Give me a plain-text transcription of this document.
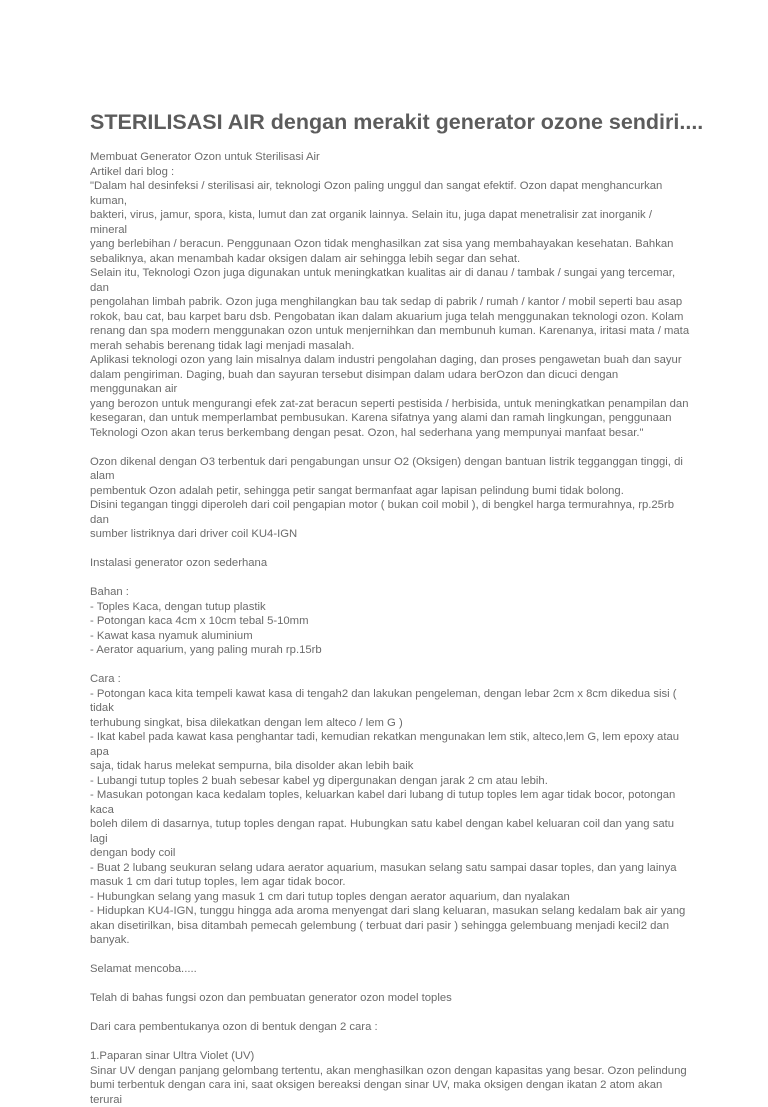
STERILISASI AIR dengan merakit generator ozone sendiri....

Membuat Generator Ozon untuk Sterilisasi Air
Artikel dari blog :
"Dalam hal desinfeksi / sterilisasi air, teknologi Ozon paling unggul dan sangat efektif. Ozon dapat menghancurkan kuman,
bakteri, virus, jamur, spora, kista, lumut dan zat organik lainnya. Selain itu, juga dapat menetralisir zat inorganik / mineral
yang berlebihan / beracun. Penggunaan Ozon tidak menghasilkan zat sisa yang membahayakan kesehatan. Bahkan
sebaliknya, akan menambah kadar oksigen dalam air sehingga lebih segar dan sehat.
Selain itu, Teknologi Ozon juga digunakan untuk meningkatkan kualitas air di danau / tambak / sungai yang tercemar, dan
pengolahan limbah pabrik. Ozon juga menghilangkan bau tak sedap di pabrik / rumah / kantor / mobil seperti bau asap
rokok, bau cat, bau karpet baru dsb. Pengobatan ikan dalam akuarium juga telah menggunakan teknologi ozon. Kolam
renang dan spa modern menggunakan ozon untuk menjernihkan dan membunuh kuman. Karenanya, iritasi mata / mata
merah sehabis berenang tidak lagi menjadi masalah.
Aplikasi teknologi ozon yang lain misalnya dalam industri pengolahan daging, dan proses pengawetan buah dan sayur
dalam pengiriman. Daging, buah dan sayuran tersebut disimpan dalam udara berOzon dan dicuci dengan menggunakan air
yang berozon untuk mengurangi efek zat-zat beracun seperti pestisida / herbisida, untuk meningkatkan penampilan dan
kesegaran, dan untuk memperlambat pembusukan. Karena sifatnya yang alami dan ramah lingkungan, penggunaan
Teknologi Ozon akan terus berkembang dengan pesat. Ozon, hal sederhana yang mempunyai manfaat besar."

Ozon dikenal dengan O3 terbentuk dari pengabungan unsur O2 (Oksigen) dengan bantuan listrik tegganggan tinggi, di alam
pembentuk Ozon adalah petir, sehingga petir sangat bermanfaat agar lapisan pelindung bumi tidak bolong.
Disini tegangan tinggi diperoleh dari coil pengapian motor ( bukan coil mobil ), di bengkel harga termurahnya, rp.25rb dan
sumber listriknya dari driver coil KU4-IGN

Instalasi generator ozon sederhana

Bahan :
- Toples Kaca, dengan tutup plastik
- Potongan kaca 4cm x 10cm tebal 5-10mm
- Kawat kasa nyamuk aluminium
- Aerator aquarium, yang paling murah rp.15rb

Cara :
- Potongan kaca kita tempeli kawat kasa di tengah2 dan lakukan pengeleman, dengan lebar 2cm x 8cm dikedua sisi ( tidak
terhubung singkat, bisa dilekatkan dengan lem alteco / lem G )
- Ikat kabel pada kawat kasa penghantar tadi, kemudian rekatkan mengunakan lem stik, alteco,lem G, lem epoxy atau apa
saja, tidak harus melekat sempurna, bila disolder akan lebih baik
- Lubangi tutup toples 2 buah sebesar kabel yg dipergunakan dengan jarak 2 cm atau lebih.
- Masukan potongan kaca kedalam toples, keluarkan kabel dari lubang di tutup toples lem agar tidak bocor, potongan kaca
boleh dilem di dasarnya, tutup toples dengan rapat. Hubungkan satu kabel dengan kabel keluaran coil dan yang satu lagi
dengan body coil
- Buat 2 lubang seukuran selang udara aerator aquarium, masukan selang satu sampai dasar toples, dan yang lainya
masuk 1 cm dari tutup toples, lem agar tidak bocor.
- Hubungkan selang yang masuk 1 cm dari tutup toples dengan aerator aquarium, dan nyalakan
- Hidupkan KU4-IGN, tunggu hingga ada aroma menyengat dari slang keluaran, masukan selang kedalam bak air yang
akan disetirilkan, bisa ditambah pemecah gelembung ( terbuat dari pasir ) sehingga gelembuang menjadi kecil2 dan banyak.

Selamat mencoba.....

Telah di bahas fungsi ozon dan pembuatan generator ozon model toples

Dari cara pembentukanya ozon di bentuk dengan 2 cara :

1.Paparan sinar Ultra Violet (UV)
Sinar UV dengan panjang gelombang tertentu, akan menghasilkan ozon dengan kapasitas yang besar. Ozon pelindung
bumi terbentuk dengan cara ini, saat oksigen bereaksi dengan sinar UV, maka oksigen dengan ikatan 2 atom akan terurai
